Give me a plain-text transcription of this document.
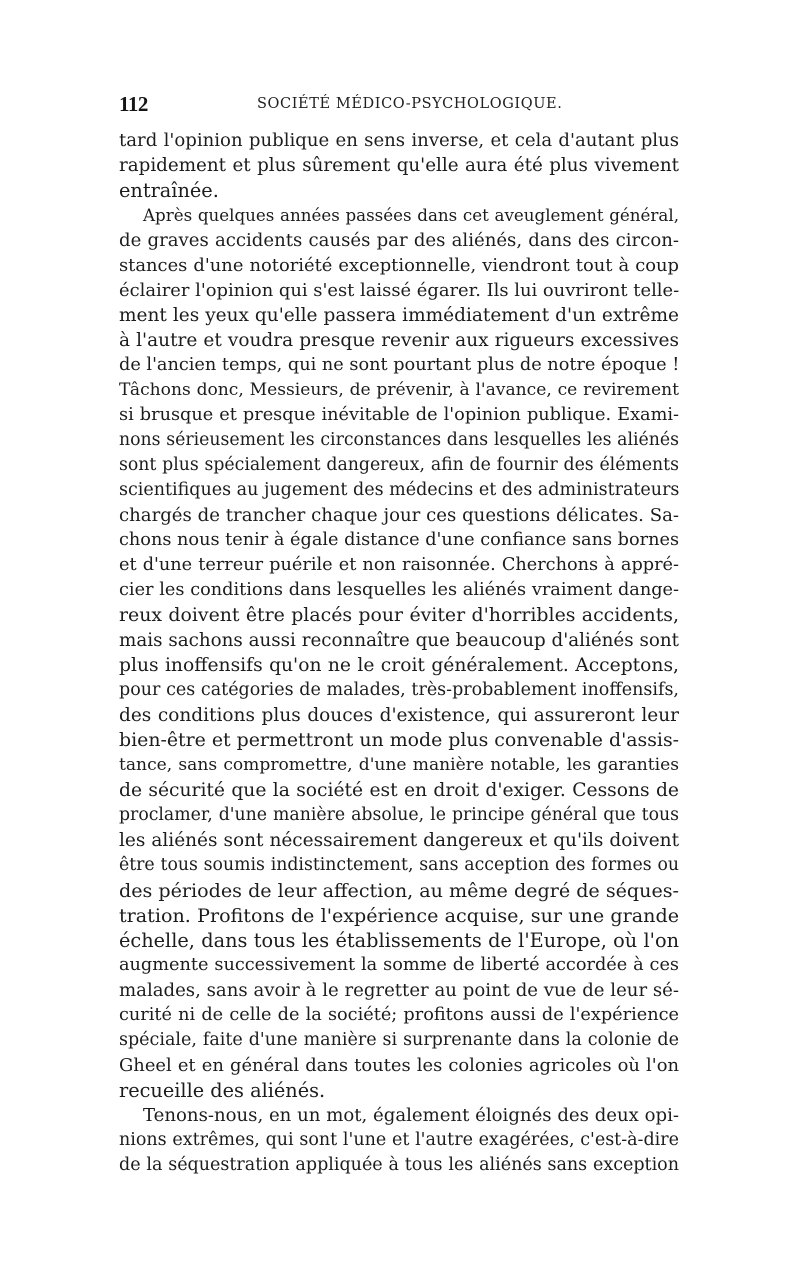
112	SOCIÉTÉ MÉDICO-PSYCHOLOGIQUE.
tard l'opinion publique en sens inverse, et cela d'autant plus
rapidement et plus sûrement qu'elle aura été plus vivement
entraînée.
Après quelques années passées dans cet aveuglement général,
de graves accidents causés par des aliénés, dans des circon-
stances d'une notoriété exceptionnelle, viendront tout à coup
éclairer l'opinion qui s'est laissé égarer. Ils lui ouvriront telle-
ment les yeux qu'elle passera immédiatement d'un extrême
à l'autre et voudra presque revenir aux rigueurs excessives
de l'ancien temps, qui ne sont pourtant plus de notre époque !
Tâchons donc, Messieurs, de prévenir, à l'avance, ce revirement
si brusque et presque inévitable de l'opinion publique. Exami-
nons sérieusement les circonstances dans lesquelles les aliénés
sont plus spécialement dangereux, afin de fournir des éléments
scientifiques au jugement des médecins et des administrateurs
chargés de trancher chaque jour ces questions délicates. Sa-
chons nous tenir à égale distance d'une confiance sans bornes
et d'une terreur puérile et non raisonnée. Cherchons à appré-
cier les conditions dans lesquelles les aliénés vraiment dange-
reux doivent être placés pour éviter d'horribles accidents,
mais sachons aussi reconnaître que beaucoup d'aliénés sont
plus inoffensifs qu'on ne le croit généralement. Acceptons,
pour ces catégories de malades, très-probablement inoffensifs,
des conditions plus douces d'existence, qui assureront leur
bien-être et permettront un mode plus convenable d'assis-
tance, sans compromettre, d'une manière notable, les garanties
de sécurité que la société est en droit d'exiger. Cessons de
proclamer, d'une manière absolue, le principe général que tous
les aliénés sont nécessairement dangereux et qu'ils doivent
être tous soumis indistinctement, sans acception des formes ou
des périodes de leur affection, au même degré de séques-
tration. Profitons de l'expérience acquise, sur une grande
échelle, dans tous les établissements de l'Europe, où l'on
augmente successivement la somme de liberté accordée à ces
malades, sans avoir à le regretter au point de vue de leur sé-
curité ni de celle de la société; profitons aussi de l'expérience
spéciale, faite d'une manière si surprenante dans la colonie de
Gheel et en général dans toutes les colonies agricoles où l'on
recueille des aliénés.
Tenons-nous, en un mot, également éloignés des deux opi-
nions extrêmes, qui sont l'une et l'autre exagérées, c'est-à-dire
de la séquestration appliquée à tous les aliénés sans exception
